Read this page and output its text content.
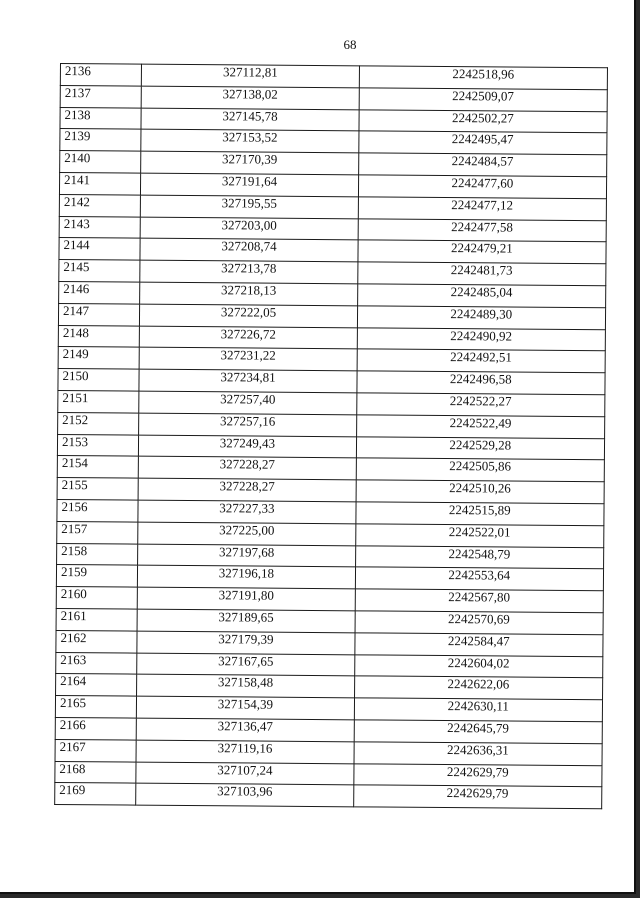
68
2136	327112,81	2242518,96
2137	327138,02	2242509,07
2138	327145,78	2242502,27
2139	327153,52	2242495,47
2140	327170,39	2242484,57
2141	327191,64	2242477,60
2142	327195,55	2242477,12
2143	327203,00	2242477,58
2144	327208,74	2242479,21
2145	327213,78	2242481,73
2146	327218,13	2242485,04
2147	327222,05	2242489,30
2148	327226,72	2242490,92
2149	327231,22	2242492,51
2150	327234,81	2242496,58
2151	327257,40	2242522,27
2152	327257,16	2242522,49
2153	327249,43	2242529,28
2154	327228,27	2242505,86
2155	327228,27	2242510,26
2156	327227,33	2242515,89
2157	327225,00	2242522,01
2158	327197,68	2242548,79
2159	327196,18	2242553,64
2160	327191,80	2242567,80
2161	327189,65	2242570,69
2162	327179,39	2242584,47
2163	327167,65	2242604,02
2164	327158,48	2242622,06
2165	327154,39	2242630,11
2166	327136,47	2242645,79
2167	327119,16	2242636,31
2168	327107,24	2242629,79
2169	327103,96	2242629,79
